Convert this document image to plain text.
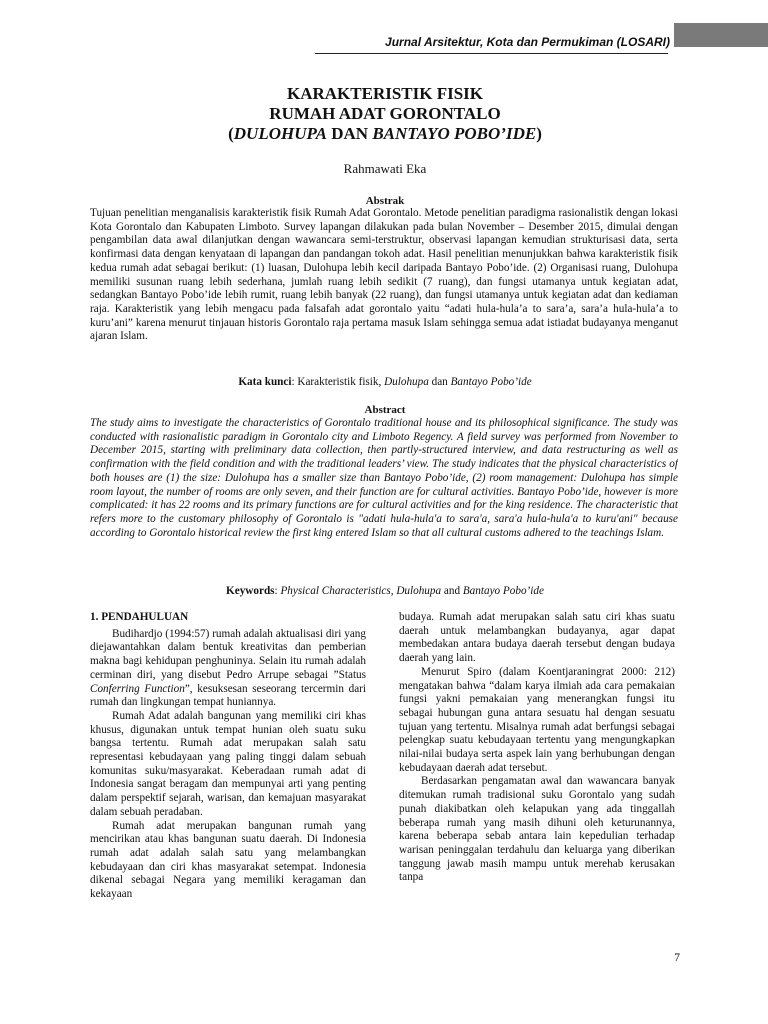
Jurnal Arsitektur, Kota dan Permukiman (LOSARI)
KARAKTERISTIK FISIK
RUMAH ADAT GORONTALO
(DULOHUPA DAN BANTAYO POBO’IDE)
Rahmawati Eka
Abstrak
Tujuan penelitian menganalisis karakteristik fisik Rumah Adat Gorontalo. Metode penelitian paradigma rasionalistik dengan lokasi Kota Gorontalo dan Kabupaten Limboto. Survey lapangan dilakukan pada bulan November – Desember 2015, dimulai dengan pengambilan data awal dilanjutkan dengan wawancara semi-terstruktur, observasi lapangan kemudian strukturisasi data, serta konfirmasi data dengan kenyataan di lapangan dan pandangan tokoh adat. Hasil penelitian menunjukkan bahwa karakteristik fisik kedua rumah adat sebagai berikut: (1) luasan, Dulohupa lebih kecil daripada Bantayo Pobo’ide. (2) Organisasi ruang, Dulohupa memiliki susunan ruang lebih sederhana, jumlah ruang lebih sedikit (7 ruang), dan fungsi utamanya untuk kegiatan adat, sedangkan Bantayo Pobo’ide lebih rumit, ruang lebih banyak (22 ruang), dan fungsi utamanya untuk kegiatan adat dan kediaman raja. Karakteristik yang lebih mengacu pada falsafah adat gorontalo yaitu “adati hula-hula’a to sara’a, sara’a hula-hula’a to kuru’ani” karena menurut tinjauan historis Gorontalo raja pertama masuk Islam sehingga semua adat istiadat budayanya menganut ajaran Islam.
Kata kunci: Karakteristik fisik, Dulohupa dan Bantayo Pobo’ide
Abstract
The study aims to investigate the characteristics of Gorontalo traditional house and its philosophical significance. The study was conducted with rasionalistic paradigm in Gorontalo city and Limboto Regency. A field survey was performed from November to December 2015, starting with preliminary data collection, then partly-structured interview, and data restructuring as well as confirmation with the field condition and with the traditional leaders’ view. The study indicates that the physical characteristics of both houses are (1) the size: Dulohupa has a smaller size than Bantayo Pobo’ide, (2) room management: Dulohupa has simple room layout, the number of rooms are only seven, and their function are for cultural activities. Bantayo Pobo’ide, however is more complicated: it has 22 rooms and its primary functions are for cultural activities and for the king residence. The characteristic that refers more to the customary philosophy of Gorontalo is "adati hula-hula'a to sara'a, sara'a hula-hula'a to kuru'ani" because according to Gorontalo historical review the first king entered Islam so that all cultural customs adhered to the teachings Islam.
Keywords: Physical Characteristics, Dulohupa and Bantayo Pobo’ide
1. PENDAHULUAN

Budihardjo (1994:57) rumah adalah aktualisasi diri yang diejawantahkan dalam bentuk kreativitas dan pemberian makna bagi kehidupan penghuninya. Selain itu rumah adalah cerminan diri, yang disebut Pedro Arrupe sebagai ”Status Conferring Function”, kesuksesan seseorang tercermin dari rumah dan lingkungan tempat huniannya.

Rumah Adat adalah bangunan yang memiliki ciri khas khusus, digunakan untuk tempat hunian oleh suatu suku bangsa tertentu. Rumah adat merupakan salah satu representasi kebudayaan yang paling tinggi dalam sebuah komunitas suku/masyarakat. Keberadaan rumah adat di Indonesia sangat beragam dan mempunyai arti yang penting dalam perspektif sejarah, warisan, dan kemajuan masyarakat dalam sebuah peradaban.

Rumah adat merupakan bangunan rumah yang mencirikan atau khas bangunan suatu daerah. Di Indonesia rumah adat adalah salah satu yang melambangkan kebudayaan dan ciri khas masyarakat setempat. Indonesia dikenal sebagai Negara yang memiliki keragaman dan kekayaan

budaya. Rumah adat merupakan salah satu ciri khas suatu daerah untuk melambangkan budayanya, agar dapat membedakan antara budaya daerah tersebut dengan budaya daerah yang lain.

Menurut Spiro (dalam Koentjaraningrat 2000: 212) mengatakan bahwa “dalam karya ilmiah ada cara pemakaian fungsi yakni pemakaian yang menerangkan fungsi itu sebagai hubungan guna antara sesuatu hal dengan sesuatu tujuan yang tertentu. Misalnya rumah adat berfungsi sebagai pelengkap suatu kebudayaan tertentu yang mengungkapkan nilai-nilai budaya serta aspek lain yang berhubungan dengan kebudayaan daerah adat tersebut.

Berdasarkan pengamatan awal dan wawancara banyak ditemukan rumah tradisional suku Gorontalo yang sudah punah diakibatkan oleh kelapukan yang ada tinggallah beberapa rumah yang masih dihuni oleh keturunannya, karena beberapa sebab antara lain kepedulian terhadap warisan peninggalan terdahulu dan keluarga yang diberikan tanggung jawab masih mampu untuk merehab kerusakan tanpa

7
